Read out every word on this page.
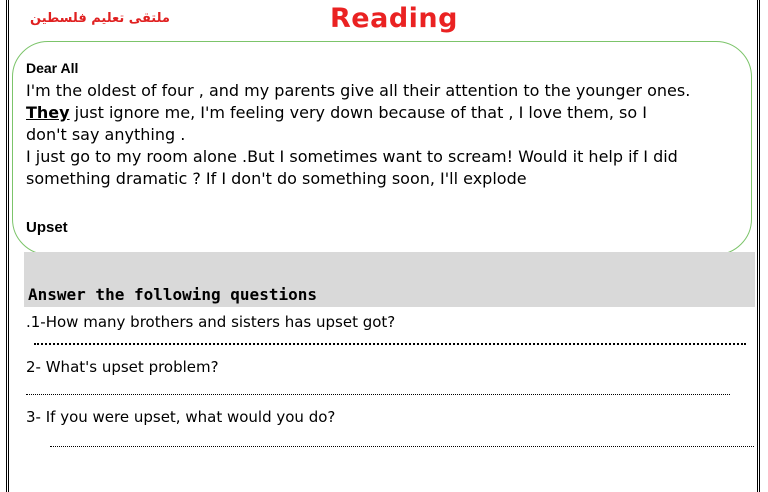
ملتقى تعليم فلسطين	Reading

Dear All

I'm the oldest of four , and my parents give all their attention to the younger ones.

They just ignore me, I'm feeling very down because of that , I love them, so I

don't say anything .

I just go to my room alone .But I sometimes want to scream! Would it help if I did

something dramatic ? If I don't do something soon, I'll explode

Upset
Answer the following questions
.1-How many brothers and sisters has upset got?
2- What's upset problem?
3- If you were upset, what would you do?
